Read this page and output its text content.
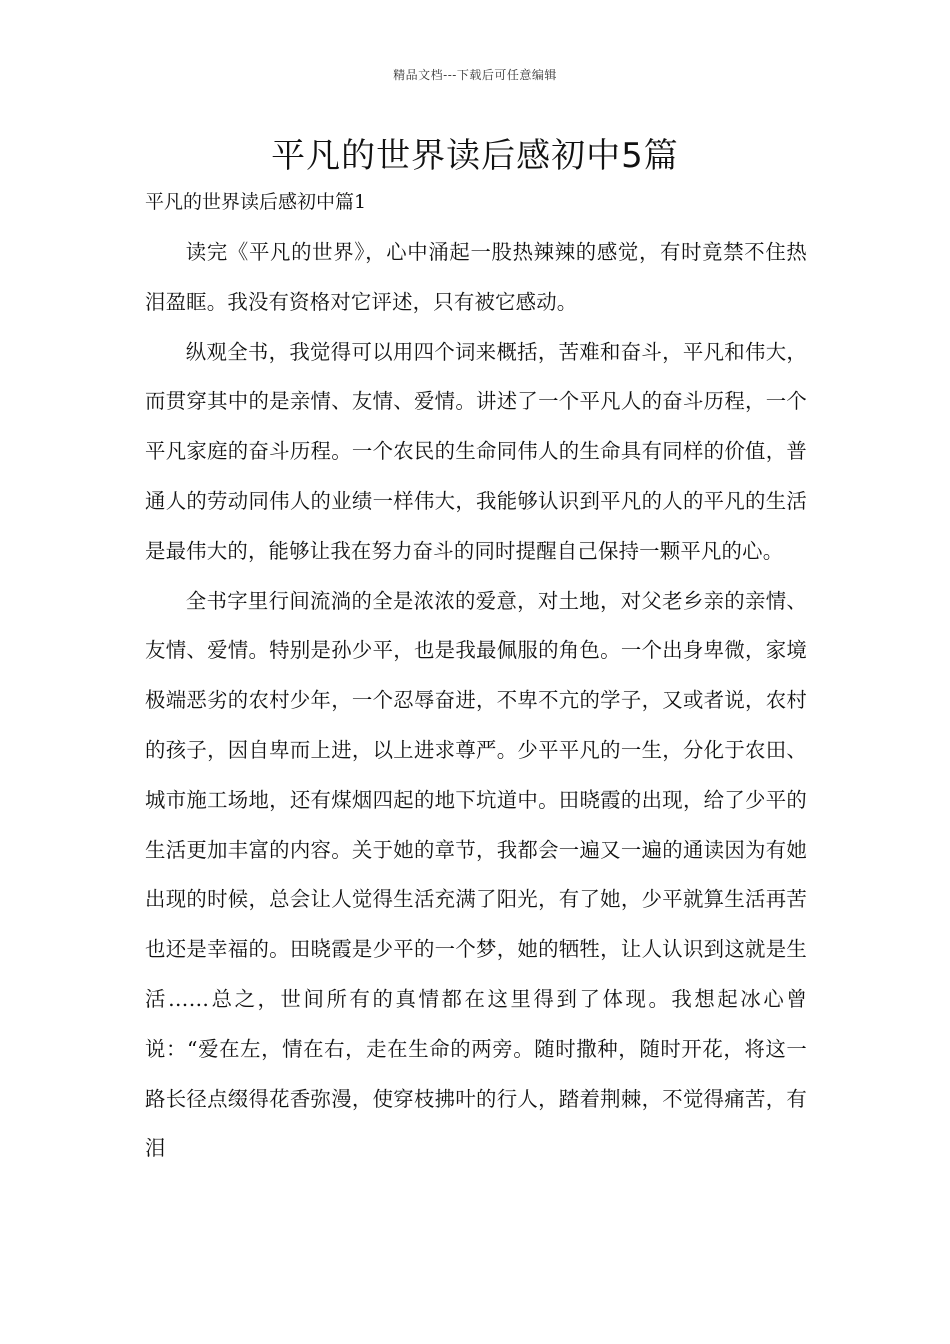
精品文档---下载后可任意编辑
平凡的世界读后感初中5篇
平凡的世界读后感初中篇1

读完《平凡的世界》，心中涌起一股热辣辣的感觉，有时竟禁不住热泪盈眶。我没有资格对它评述，只有被它感动。

纵观全书，我觉得可以用四个词来概括，苦难和奋斗，平凡和伟大，而贯穿其中的是亲情、友情、爱情。讲述了一个平凡人的奋斗历程，一个平凡家庭的奋斗历程。一个农民的生命同伟人的生命具有同样的价值，普通人的劳动同伟人的业绩一样伟大，我能够认识到平凡的人的平凡的生活是最伟大的，能够让我在努力奋斗的同时提醒自己保持一颗平凡的心。

全书字里行间流淌的全是浓浓的爱意，对土地，对父老乡亲的亲情、友情、爱情。特别是孙少平，也是我最佩服的角色。一个出身卑微，家境极端恶劣的农村少年，一个忍辱奋进，不卑不亢的学子，又或者说，农村的孩子，因自卑而上进，以上进求尊严。少平平凡的一生，分化于农田、城市施工场地，还有煤烟四起的地下坑道中。田晓霞的出现，给了少平的生活更加丰富的内容。关于她的章节，我都会一遍又一遍的通读因为有她出现的时候，总会让人觉得生活充满了阳光，有了她，少平就算生活再苦也还是幸福的。田晓霞是少平的一个梦，她的牺牲，让人认识到这就是生活……总之，世间所有的真情都在这里得到了体现。我想起冰心曾说：“爱在左，情在右，走在生命的两旁。随时撒种，随时开花，将这一路长径点缀得花香弥漫，使穿枝拂叶的行人，踏着荆棘，不觉得痛苦，有泪
